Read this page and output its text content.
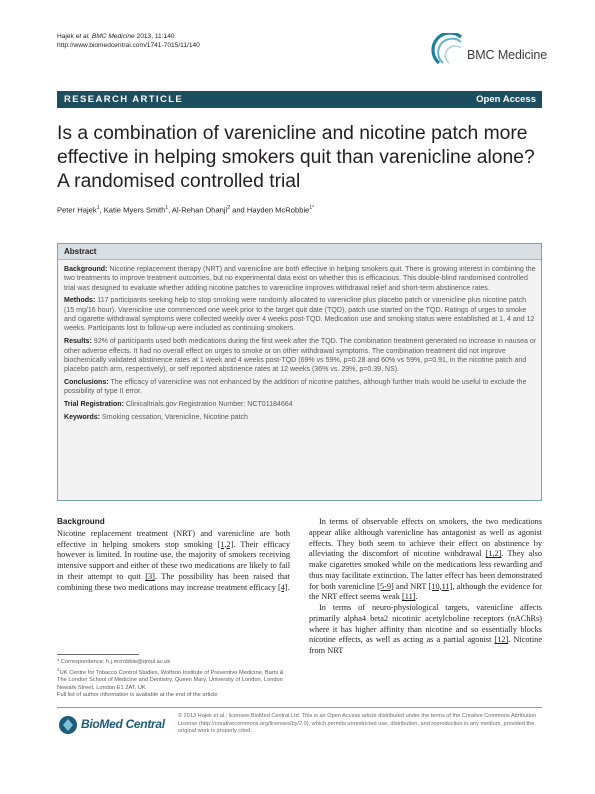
Hajek et al. BMC Medicine 2013, 11:140
http://www.biomedcentral.com/1741-7015/11/140
BMC Medicine
RESEARCH ARTICLE	Open Access
Is a combination of varenicline and nicotine patch more effective in helping smokers quit than varenicline alone? A randomised controlled trial
Peter Hajek$^1$, Katie Myers Smith$^1$, Al-Rehan Dhanji$^2$ and Hayden McRobbie$^{1*}$
Abstract

Background: Nicotine replacement therapy (NRT) and varenicline are both effective in helping smokers quit. There is growing interest in combining the two treatments to improve treatment outcomes, but no experimental data exist on whether this is efficacious. This double-blind randomised controlled trial was designed to evaluate whether adding nicotine patches to varenicline improves withdrawal relief and short-term abstinence rates.

Methods: 117 participants seeking help to stop smoking were randomly allocated to varenicline plus placebo patch or varenicline plus nicotine patch (15 mg/16 hour). Varenicline use commenced one week prior to the target quit date (TQD), patch use started on the TQD. Ratings of urges to smoke and cigarette withdrawal symptoms were collected weekly over 4 weeks post-TQD. Medication use and smoking status were established at 1, 4 and 12 weeks. Participants lost to follow-up were included as continuing smokers.

Results: 92% of participants used both medications during the first week after the TQD. The combination treatment generated no increase in nausea or other adverse effects. It had no overall effect on urges to smoke or on other withdrawal symptoms. The combination treatment did not improve biochemically validated abstinence rates at 1 week and 4 weeks post-TQD (69% vs 59%, p=0.28 and 60% vs 59%, p=0.91, in the nicotine patch and placebo patch arm, respectively), or self reported abstinence rates at 12 weeks (36% vs. 29%, p=0.39, NS).

Conclusions: The efficacy of varenicline was not enhanced by the addition of nicotine patches, although further trials would be useful to exclude the possibility of type II error.

Trial Registration: Clinicaltrials.gov Registration Number: NCT01184664

Keywords: Smoking cessation, Varenicline, Nicotine patch

Background

Nicotine replacement treatment (NRT) and varenicline are both effective in helping smokers stop smoking [1,2]. Their efficacy however is limited. In routine use, the majority of smokers receiving intensive support and either of these two medications are likely to fail in their attempt to quit [3]. The possibility has been raised that combining these two medications may increase treatment efficacy [4].

In terms of observable effects on smokers, the two medications appear alike although varenicline has antagonist as well as agonist effects. They both seem to achieve their effect on abstinence by alleviating the discomfort of nicotine withdrawal [1,2]. They also make cigarettes smoked while on the medications less rewarding and thus may facilitate extinction. The latter effect has been demonstrated for both varenicline [5-9] and NRT [10,11], although the evidence for the NRT effect seems weak [11].

In terms of neuro-physiological targets, varenicline affects primarily alpha4 beta2 nicotinic acetylcholine receptors (nAChRs) where it has higher affinity than nicotine and so essentially blocks nicotine effects, as well as acting as a partial agonist [12]. Nicotine from NRT

* Correspondence: h.j.mcrobbie@qmul.ac.uk
$^1$UK Centre for Tobacco Control Studies, Wolfson Institute of Preventive Medicine, Barts & The London School of Medicine and Dentistry, Queen Mary, University of London, London Newark Street, London E1 2AT, UK
Full list of author information is available at the end of the article
BioMed Central
© 2013 Hajek et al.; licensee BioMed Central Ltd. This is an Open Access article distributed under the terms of the Creative Commons Attribution License (http://creativecommons.org/licenses/by/2.0), which permits unrestricted use, distribution, and reproduction in any medium, provided the original work is properly cited.
